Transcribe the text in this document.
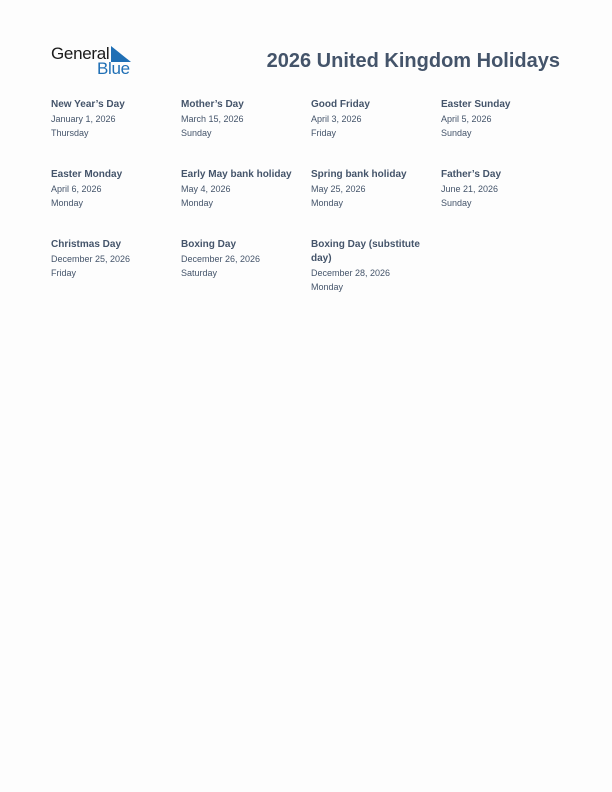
General
Blue	2026 United Kingdom Holidays
New Year’s Day
January 1, 2026
Thursday
Mother’s Day
March 15, 2026
Sunday
Good Friday
April 3, 2026
Friday
Easter Sunday
April 5, 2026
Sunday
Easter Monday
April 6, 2026
Monday
Early May bank holiday
May 4, 2026
Monday
Spring bank holiday
May 25, 2026
Monday
Father’s Day
June 21, 2026
Sunday
Christmas Day
December 25, 2026
Friday
Boxing Day
December 26, 2026
Saturday
Boxing Day (substitute day)
December 28, 2026
Monday
